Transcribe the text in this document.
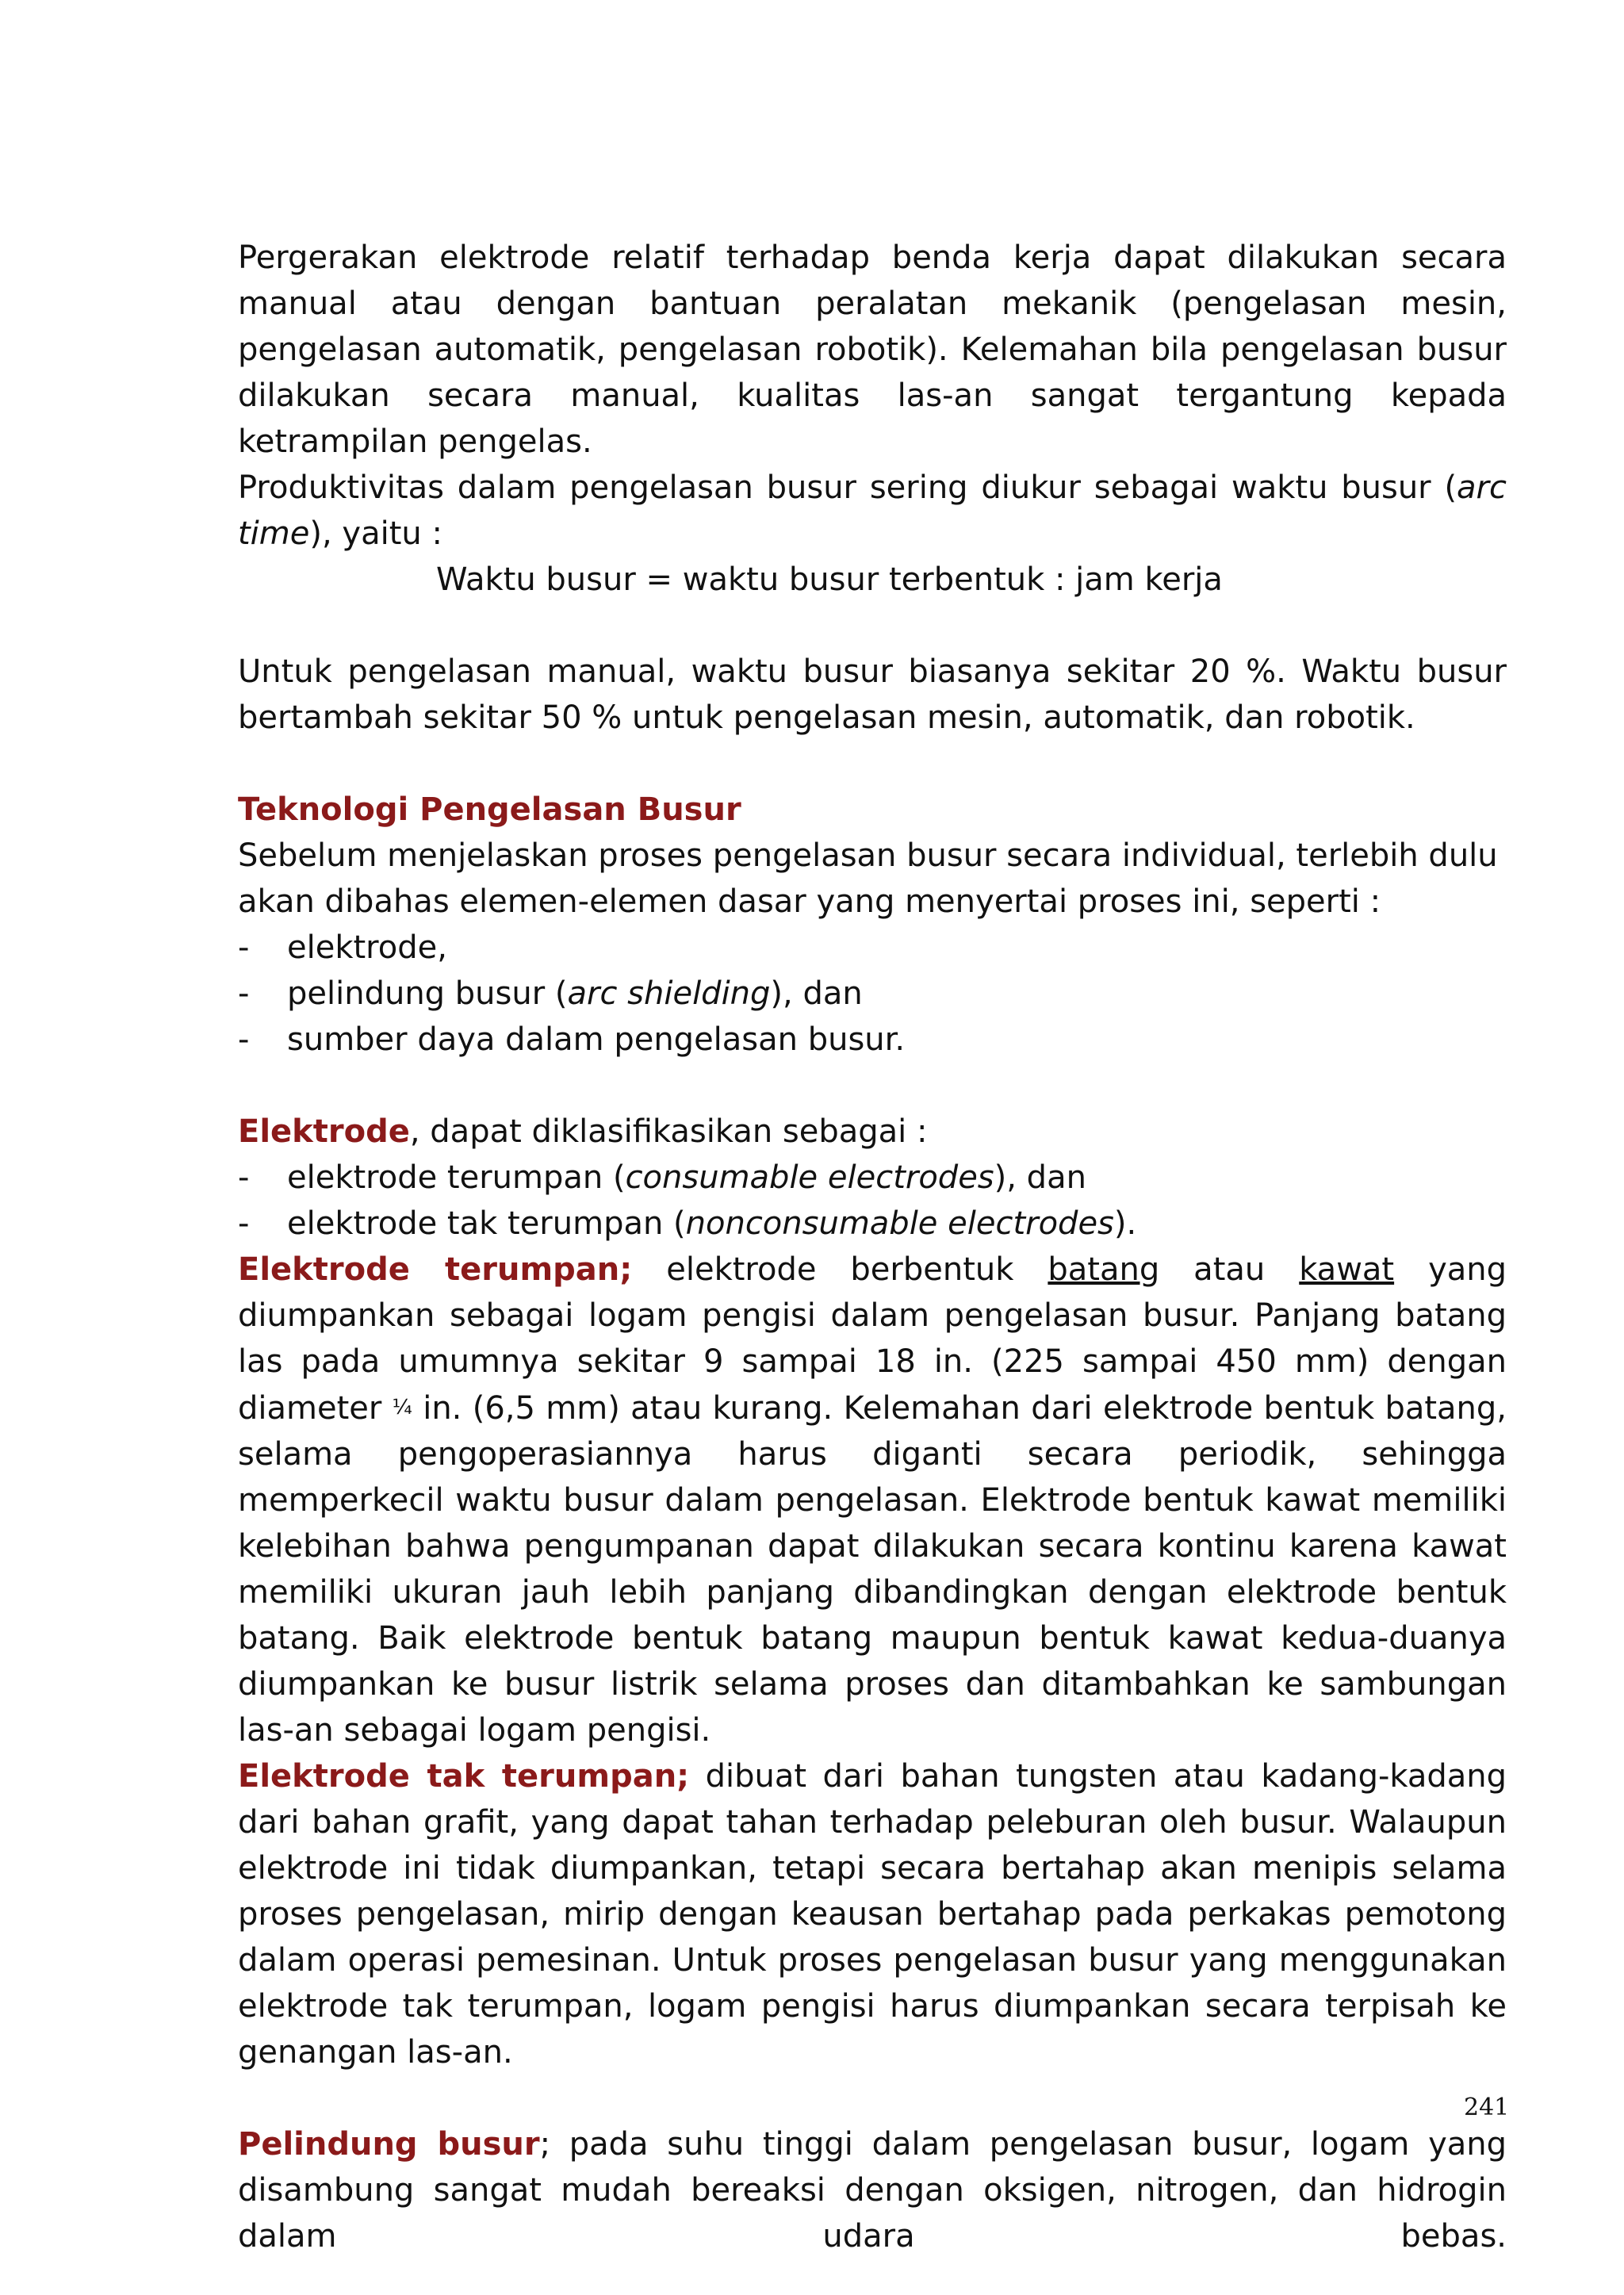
Pergerakan elektrode relatif terhadap benda kerja dapat dilakukan secara manual atau dengan bantuan peralatan mekanik (pengelasan mesin, pengelasan automatik, pengelasan robotik). Kelemahan bila pengelasan busur dilakukan secara manual, kualitas las-an sangat tergantung kepada ketrampilan pengelas.

Produktivitas dalam pengelasan busur sering diukur sebagai waktu busur (arc time), yaitu :

Waktu busur = waktu busur terbentuk : jam kerja

Untuk pengelasan manual, waktu busur biasanya sekitar 20 %. Waktu busur bertambah sekitar 50 % untuk pengelasan mesin, automatik, dan robotik.

Teknologi Pengelasan Busur

Sebelum menjelaskan proses pengelasan busur secara individual, terlebih dulu akan dibahas elemen-elemen dasar yang menyertai proses ini, seperti :

- elektrode,
- pelindung busur (arc shielding), dan
- sumber daya dalam pengelasan busur.

Elektrode, dapat diklasifikasikan sebagai :

- elektrode terumpan (consumable electrodes), dan
- elektrode tak terumpan (nonconsumable electrodes).

Elektrode terumpan; elektrode berbentuk batang atau kawat yang diumpankan sebagai logam pengisi dalam pengelasan busur. Panjang batang las pada umumnya sekitar 9 sampai 18 in. (225 sampai 450 mm) dengan diameter ¼ in. (6,5 mm) atau kurang. Kelemahan dari elektrode bentuk batang, selama pengoperasiannya harus diganti secara periodik, sehingga memperkecil waktu busur dalam pengelasan. Elektrode bentuk kawat memiliki kelebihan bahwa pengumpanan dapat dilakukan secara kontinu karena kawat memiliki ukuran jauh lebih panjang dibandingkan dengan elektrode bentuk batang. Baik elektrode bentuk batang maupun bentuk kawat kedua-duanya diumpankan ke busur listrik selama proses dan ditambahkan ke sambungan las-an sebagai logam pengisi.

Elektrode tak terumpan; dibuat dari bahan tungsten atau kadang-kadang dari bahan grafit, yang dapat tahan terhadap peleburan oleh busur. Walaupun elektrode ini tidak diumpankan, tetapi secara bertahap akan menipis selama proses pengelasan, mirip dengan keausan bertahap pada perkakas pemotong dalam operasi pemesinan. Untuk proses pengelasan busur yang menggunakan elektrode tak terumpan, logam pengisi harus diumpankan secara terpisah ke genangan las-an.

Pelindung busur; pada suhu tinggi dalam pengelasan busur, logam yang disambung sangat mudah bereaksi dengan oksigen, nitrogen, dan hidrogin dalam udara bebas.

241
